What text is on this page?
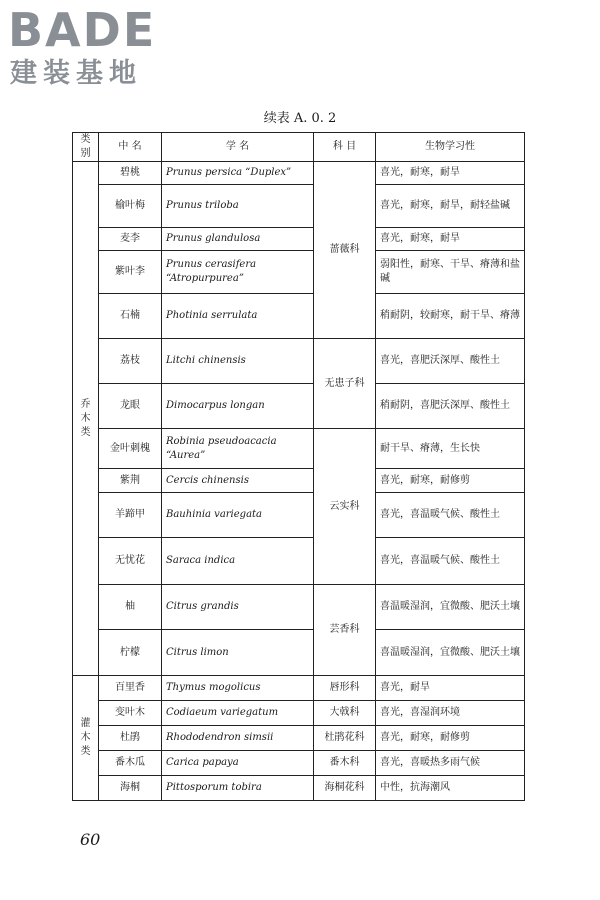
BADE
建装基地
续表 A. 0. 2
类别	中 名	学 名	科 目	生物学习性

乔木类	碧桃	Prunus persica “Duplex”	蔷薇科	喜光，耐寒，耐旱
	榆叶梅	Prunus triloba		喜光，耐寒，耐旱，耐轻盐碱
	麦李	Prunus glandulosa		喜光，耐寒，耐旱
	紫叶李	Prunus cerasifera “Atropurpurea”		弱阳性，耐寒、干旱、瘠薄和盐碱
	石楠	Photinia serrulata		稍耐阴，较耐寒，耐干旱、瘠薄
	荔枝	Litchi chinensis	无患子科	喜光，喜肥沃深厚、酸性土
	龙眼	Dimocarpus longan		稍耐阴，喜肥沃深厚、酸性土
	金叶刺槐	Robinia pseudoacacia “Aurea”	云实科	耐干旱、瘠薄，生长快
	紫荆	Cercis chinensis		喜光，耐寒，耐修剪
	羊蹄甲	Bauhinia variegata		喜光，喜温暖气候、酸性土
	无忧花	Saraca indica		喜光，喜温暖气候、酸性土
	柚	Citrus grandis	芸香科	喜温暖湿润，宜微酸、肥沃土壤
	柠檬	Citrus limon		喜温暖湿润，宜微酸、肥沃土壤

灌木类	百里香	Thymus mogolicus	唇形科	喜光，耐旱
	变叶木	Codiaeum variegatum	大戟科	喜光，喜湿润环境
	杜鹃	Rhododendron simsii	杜鹃花科	喜光，耐寒，耐修剪
	番木瓜	Carica papaya	番木科	喜光，喜暖热多雨气候
	海桐	Pittosporum tobira	海桐花科	中性，抗海潮风
60
